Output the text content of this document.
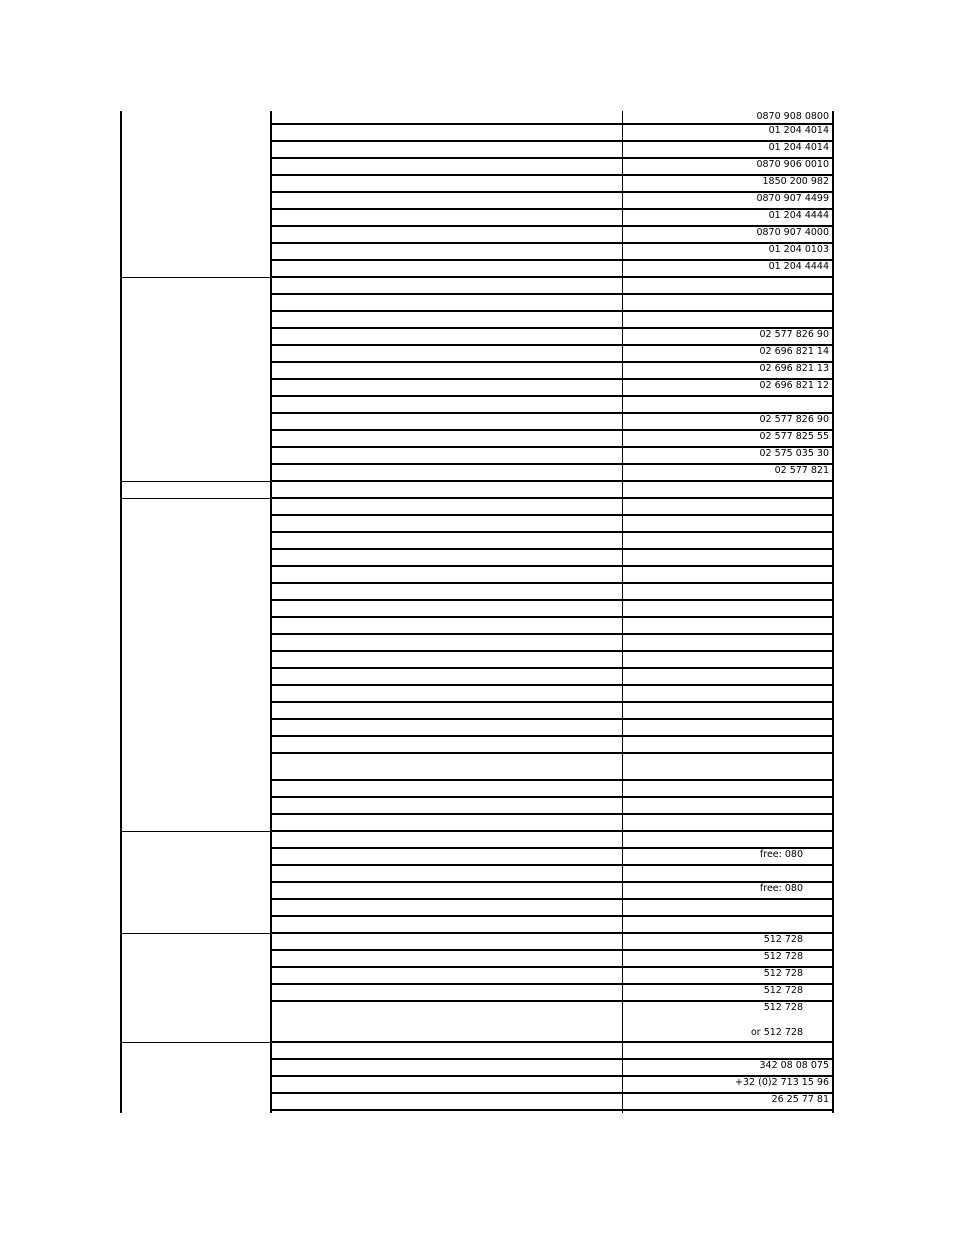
0870 908 0800
01 204 4014
01 204 4014
0870 906 0010
1850 200 982
0870 907 4499
01 204 4444
0870 907 4000
01 204 0103
01 204 4444
02 577 826 90
02 696 821 14
02 696 821 13
02 696 821 12
02 577 826 90
02 577 825 55
02 575 035 30
02 577 821
free: 080
free: 080
512 728
512 728
512 728
512 728
512 728
or 512 728
342 08 08 075
+32 (0)2 713 15 96
26 25 77 81
